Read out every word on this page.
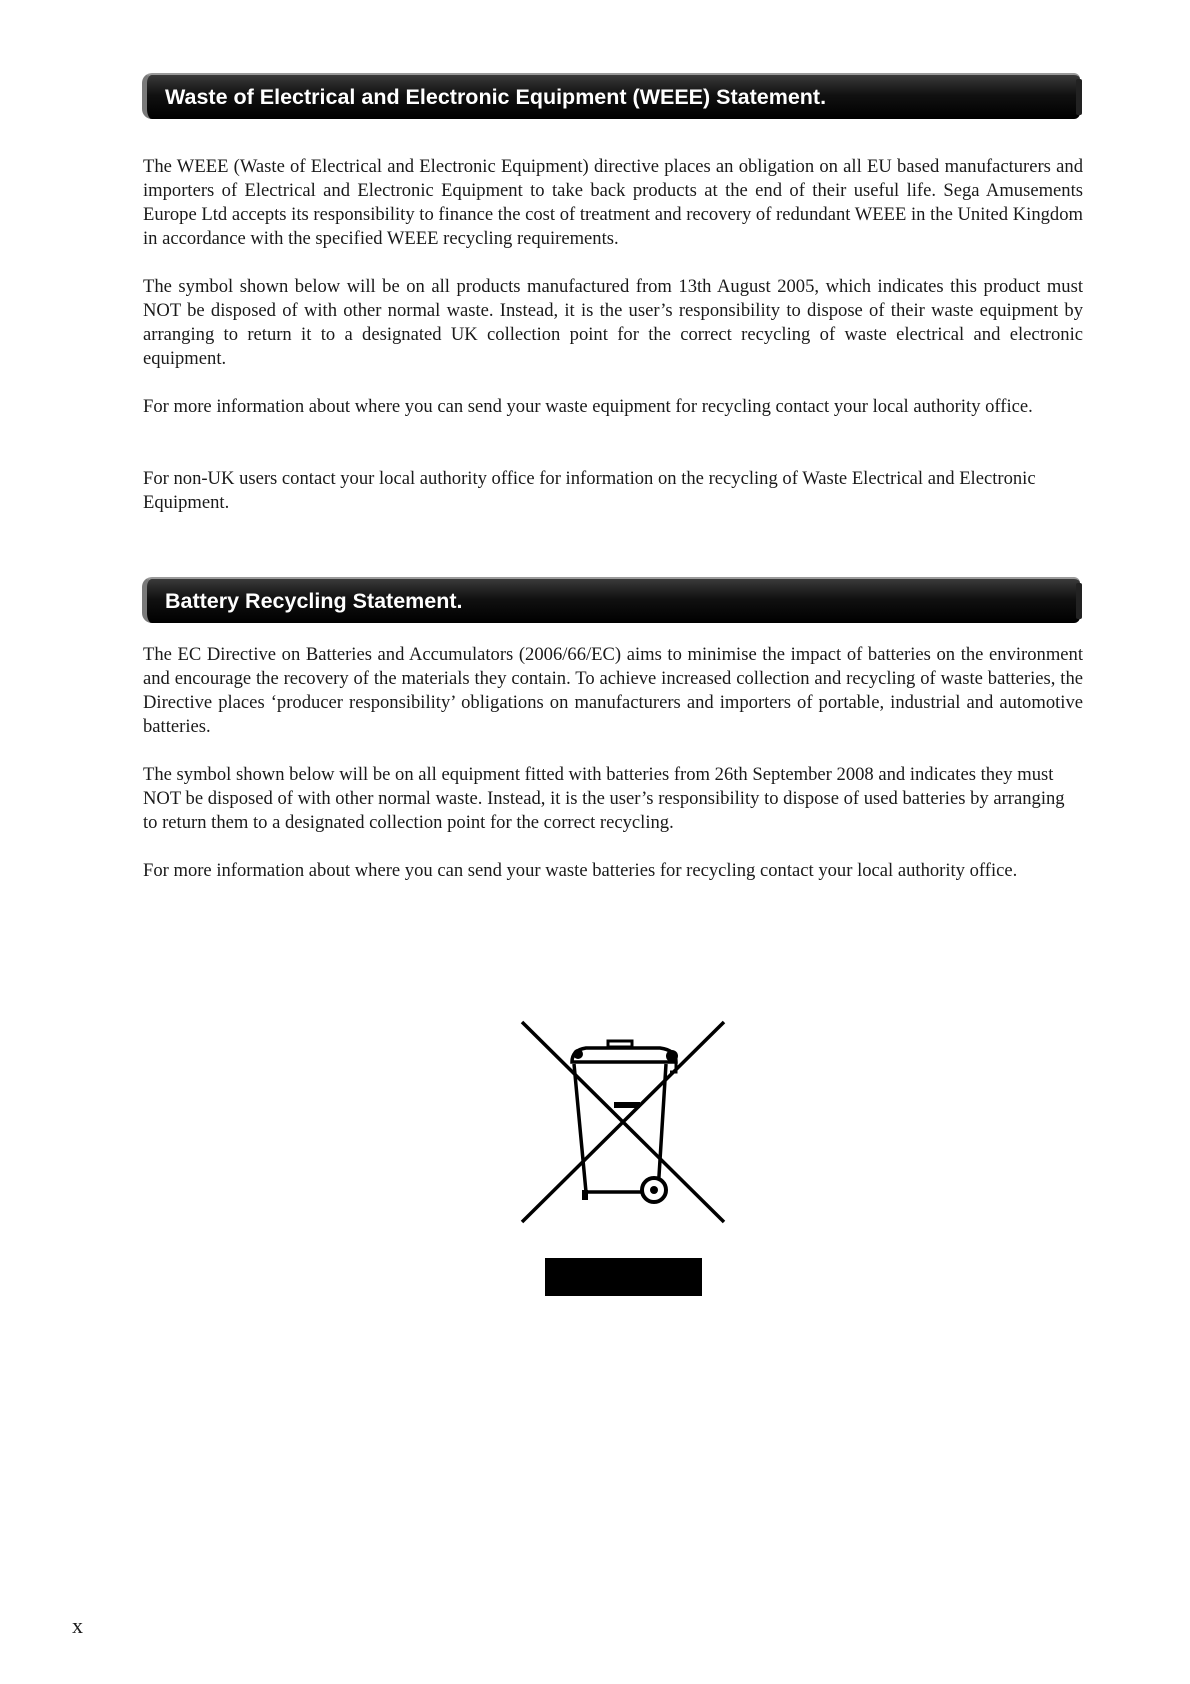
Waste of Electrical and Electronic Equipment (WEEE) Statement.

The WEEE (Waste of Electrical and Electronic Equipment) directive places an obligation on all EU based manufacturers and importers of Electrical and Electronic Equipment to take back products at the end of their useful life. Sega Amusements Europe Ltd accepts its responsibility to finance the cost of treatment and recovery of redundant WEEE in the United Kingdom in accordance with the specified WEEE recycling requirements.

The symbol shown below will be on all products manufactured from 13th August 2005, which indicates this product must NOT be disposed of with other normal waste. Instead, it is the user’s responsibility to dispose of their waste equipment by arranging to return it to a designated UK collection point for the correct recycling of waste electrical and electronic equipment.

For more information about where you can send your waste equipment for recycling contact your local authority office.

For non-UK users contact your local authority office for information on the recycling of Waste Electrical and Electronic Equipment.

Battery Recycling Statement.

The EC Directive on Batteries and Accumulators (2006/66/EC) aims to minimise the impact of batteries on the environment and encourage the recovery of the materials they contain. To achieve increased collection and recycling of waste batteries, the Directive places ‘producer responsibility’ obligations on manufacturers and importers of portable, industrial and automotive batteries.

The symbol shown below will be on all equipment fitted with batteries from 26th September 2008 and indicates they must NOT be disposed of with other normal waste. Instead, it is the user’s responsibility to dispose of used batteries by arranging to return them to a designated collection point for the correct recycling.

For more information about where you can send your waste batteries for recycling contact your local authority office.

x
